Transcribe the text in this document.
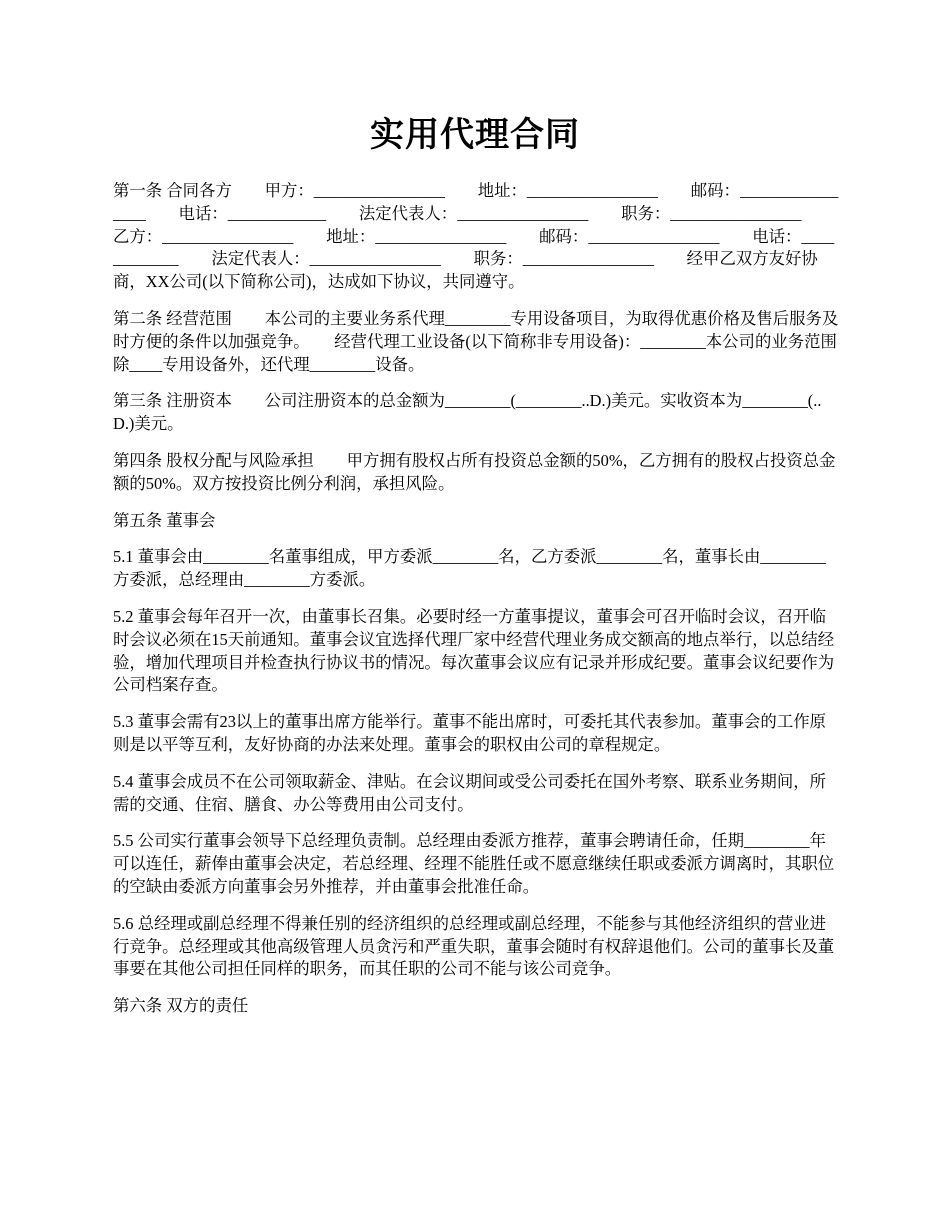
实用代理合同

第一条 合同各方　　甲方：________________　　地址：________________　　邮码：________________　　电话：____________　　法定代表人：________________　　职务：________________　　乙方：________________　　地址：________________　　邮码：________________　　电话：____________　　法定代表人：________________　　职务：________________　　经甲乙双方友好协商，XX公司(以下简称公司)，达成如下协议，共同遵守。

第二条 经营范围　　本公司的主要业务系代理________专用设备项目，为取得优惠价格及售后服务及时方便的条件以加强竞争。　　经营代理工业设备(以下简称非专用设备)：________本公司的业务范围除____专用设备外，还代理________设备。

第三条 注册资本　　公司注册资本的总金额为________(________..D.)美元。实收资本为________(..D.)美元。

第四条 股权分配与风险承担　　甲方拥有股权占所有投资总金额的50%，乙方拥有的股权占投资总金额的50%。双方按投资比例分利润，承担风险。

第五条 董事会

5.1 董事会由________名董事组成，甲方委派________名，乙方委派________名，董事长由________方委派，总经理由________方委派。

5.2 董事会每年召开一次，由董事长召集。必要时经一方董事提议，董事会可召开临时会议，召开临时会议必须在15天前通知。董事会议宜选择代理厂家中经营代理业务成交额高的地点举行，以总结经验，增加代理项目并检查执行协议书的情况。每次董事会议应有记录并形成纪要。董事会议纪要作为公司档案存查。

5.3 董事会需有23以上的董事出席方能举行。董事不能出席时，可委托其代表参加。董事会的工作原则是以平等互利，友好协商的办法来处理。董事会的职权由公司的章程规定。

5.4 董事会成员不在公司领取薪金、津贴。在会议期间或受公司委托在国外考察、联系业务期间，所需的交通、住宿、膳食、办公等费用由公司支付。

5.5 公司实行董事会领导下总经理负责制。总经理由委派方推荐，董事会聘请任命，任期________年可以连任，薪俸由董事会决定，若总经理、经理不能胜任或不愿意继续任职或委派方调离时，其职位的空缺由委派方向董事会另外推荐，并由董事会批准任命。

5.6 总经理或副总经理不得兼任别的经济组织的总经理或副总经理，不能参与其他经济组织的营业进行竞争。总经理或其他高级管理人员贪污和严重失职，董事会随时有权辞退他们。公司的董事长及董事要在其他公司担任同样的职务，而其任职的公司不能与该公司竞争。

第六条 双方的责任
